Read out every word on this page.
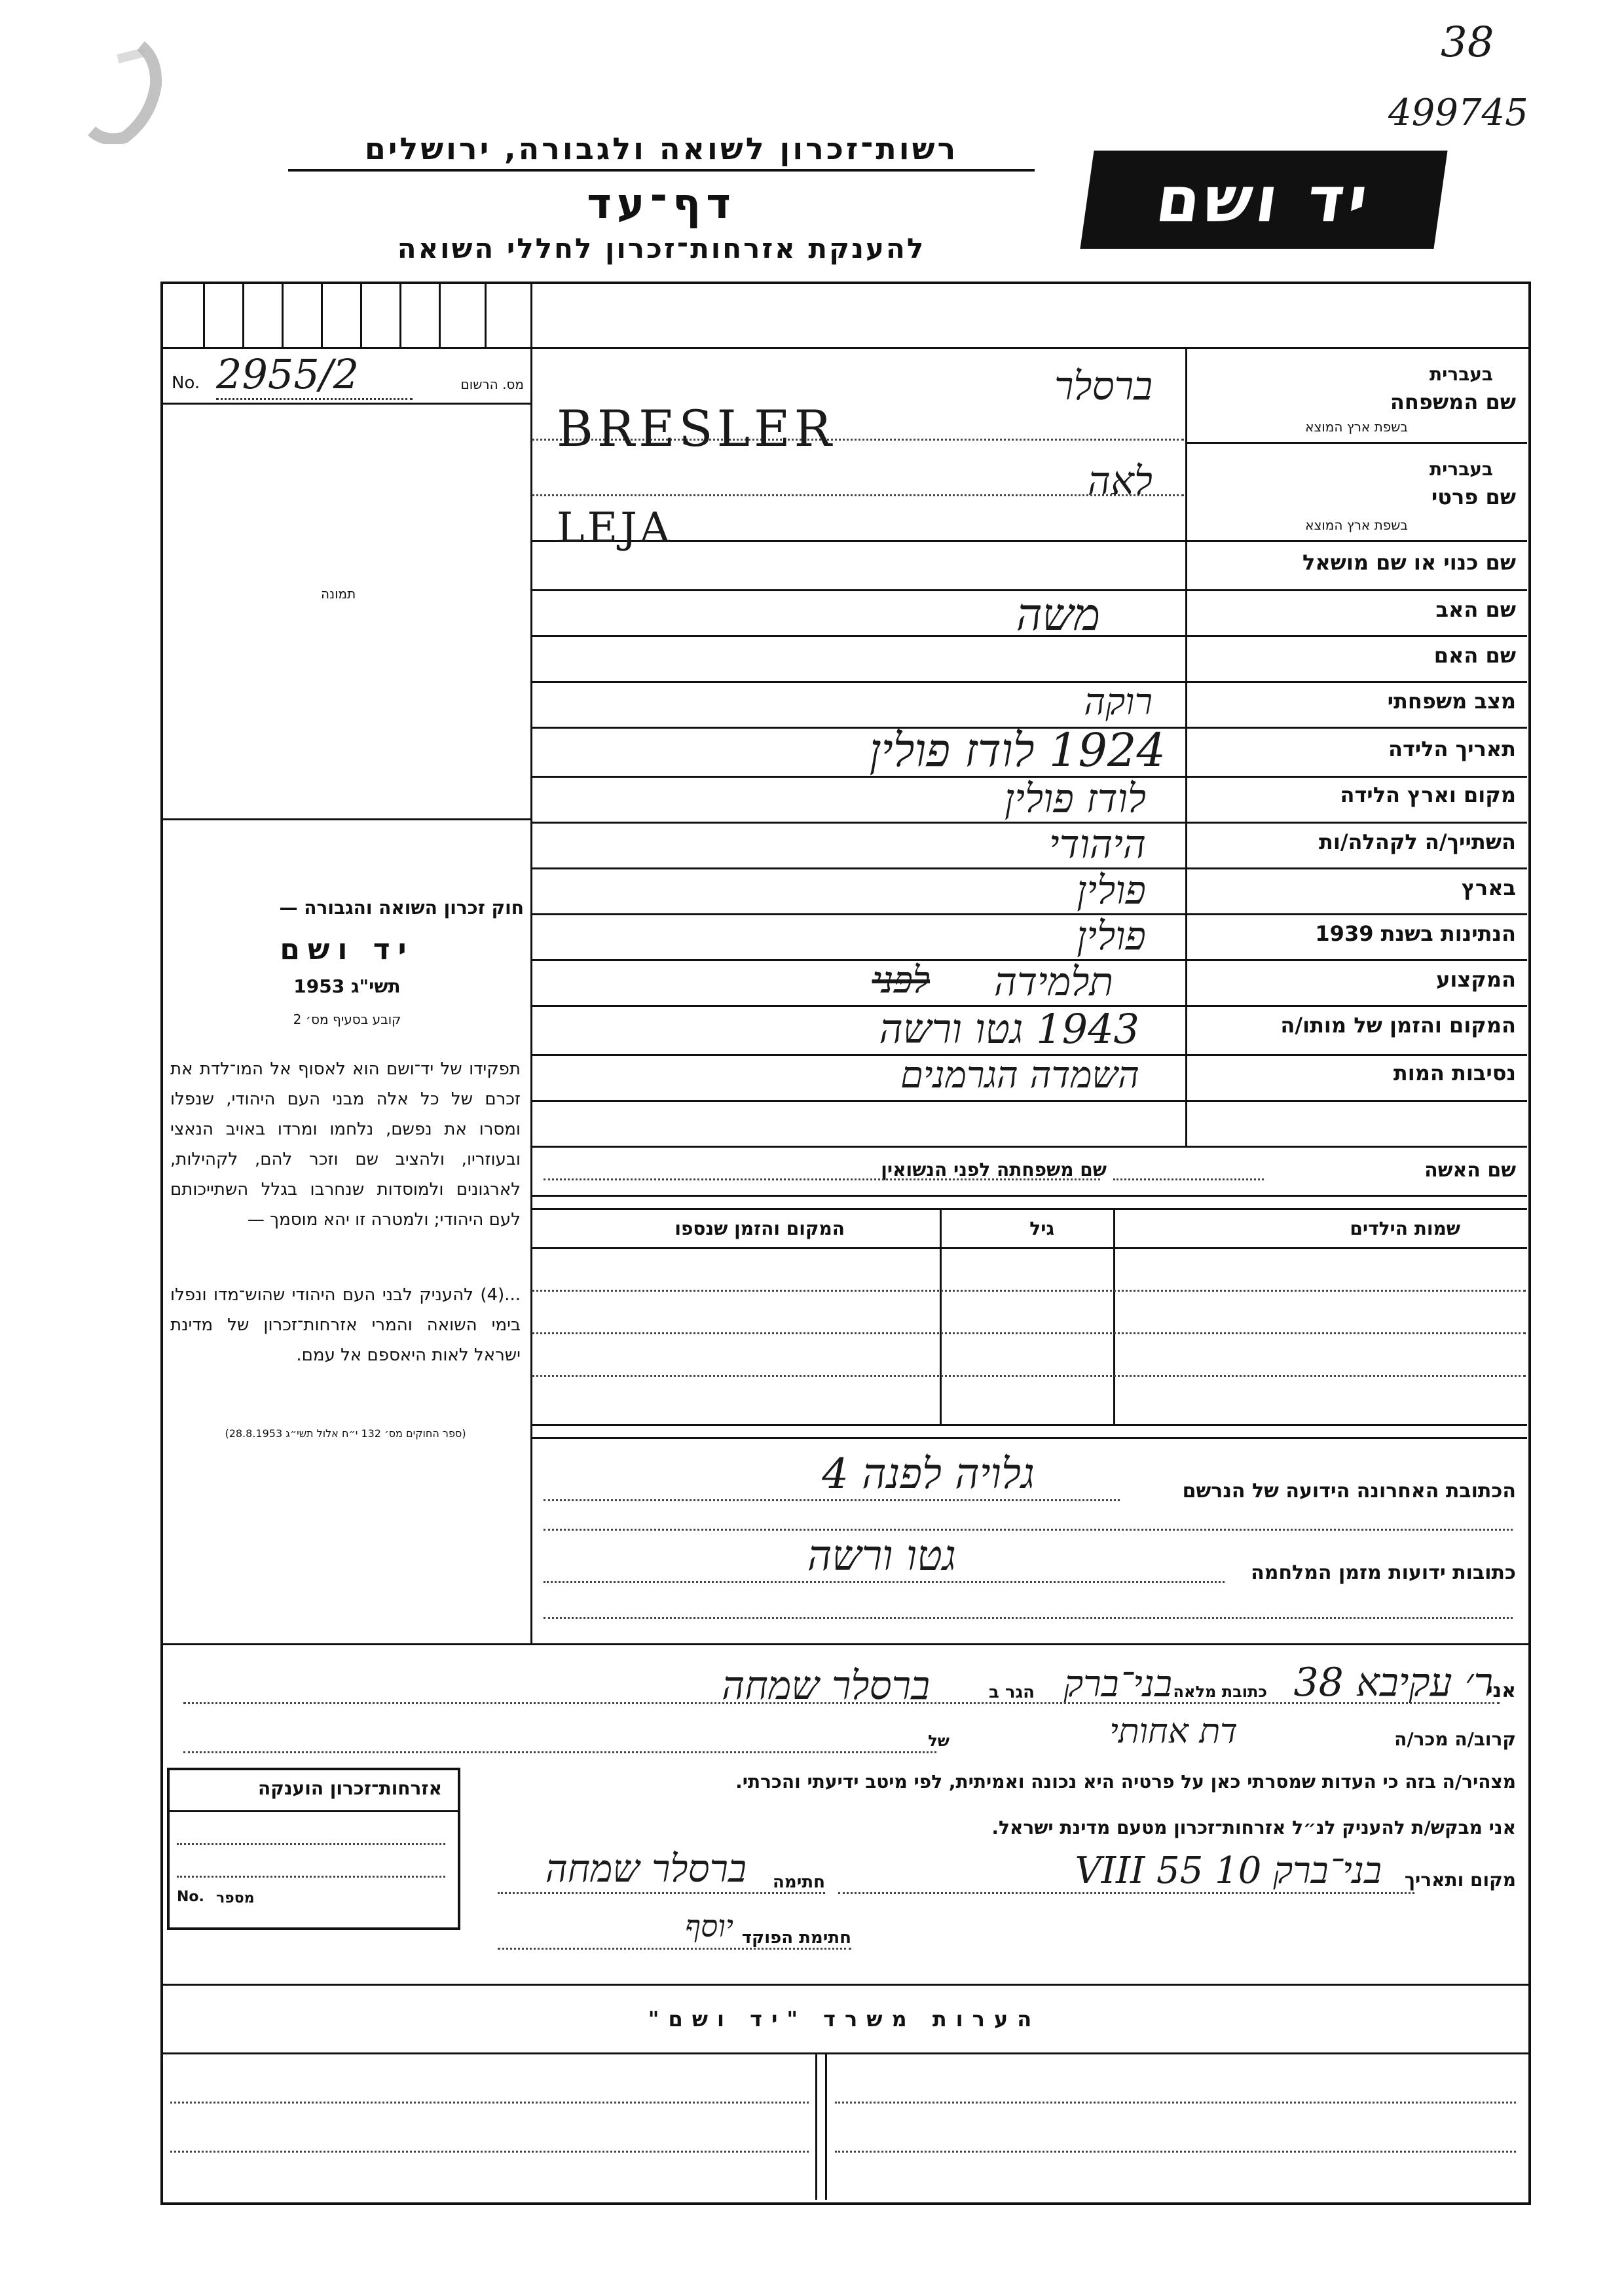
38
499745
רשות־זכרון לשואה ולגבורה, ירושלים
דף־עד
להענקת אזרחות־זכרון לחללי השואה
יד ושם
No. 2955/2	מס. הרשום
תמונה
חוק זכרון השואה והגבורה —
יד ושם
תשי"ג 1953
קובע בסעיף מס׳ 2
תפקידו של יד־ושם הוא לאסוף אל המו־לדת את זכרם של כל אלה מבני העם היהודי, שנפלו ומסרו את נפשם, נלחמו ומרדו באויב הנאצי ובעוזריו, ולהציב שם וזכר להם, לקהילות, לארגונים ולמוסדות שנחרבו בגלל השתייכותם לעם היהודי; ולמטרה זו יהא מוסמך —
...(4) להעניק לבני העם היהודי שהוש־מדו ונפלו בימי השואה והמרי אזרחות־זכרון של מדינת ישראל לאות היאספם אל עמם.
(ספר החוקים מס׳ 132 י״ח אלול תשי״ג 28.8.1953)
בעברית
שם המשפחה
בשפת ארץ המוצא
ברסלר
BRESLER
בעברית
שם פרטי
בשפת ארץ המוצא
לאה
LEJA
שם כנוי או שם מושאל
שם האב
משה
שם האם
מצב משפחתי
רוקה
תאריך הלידה
1924 לודז פולין
מקום וארץ הלידה
לודז פולין
השתייך/ה לקהלה/ות
היהודי
בארץ
פולין
הנתינות בשנת 1939
פולין
המקצוע
תלמידה
לפני
המקום והזמן של מותו/ה
1943 גטו ורשה
נסיבות המות
השמדה הגרמנים
שם האשה
שם משפחתה לפני הנשואין
שמות הילדים
גיל
המקום והזמן שנספו
הכתובת האחרונה הידועה של הנרשם
גלויה לפנה 4
כתובות ידועות מזמן המלחמה
גטו ורשה
אני
ברסלר שמחה	הגר ב בני־ברק כתובת מלאה ר׳ עקיבא 38
קרוב/ה מכר/ה
דת אחותי
של
מצהיר/ה בזה כי העדות שמסרתי כאן על פרטיה היא נכונה ואמיתית, לפי מיטב ידיעתי והכרתי.
אני מבקש/ת להעניק לנ״ל אזרחות־זכרון מטעם מדינת ישראל.
מקום ותאריך
בני־ברק 10 VIII 55
חתימה
ברסלר שמחה
חתימת הפוקד
יוסף
אזרחות־זכרון הוענקה
No. מספר
הערות משרד "יד ושם"
